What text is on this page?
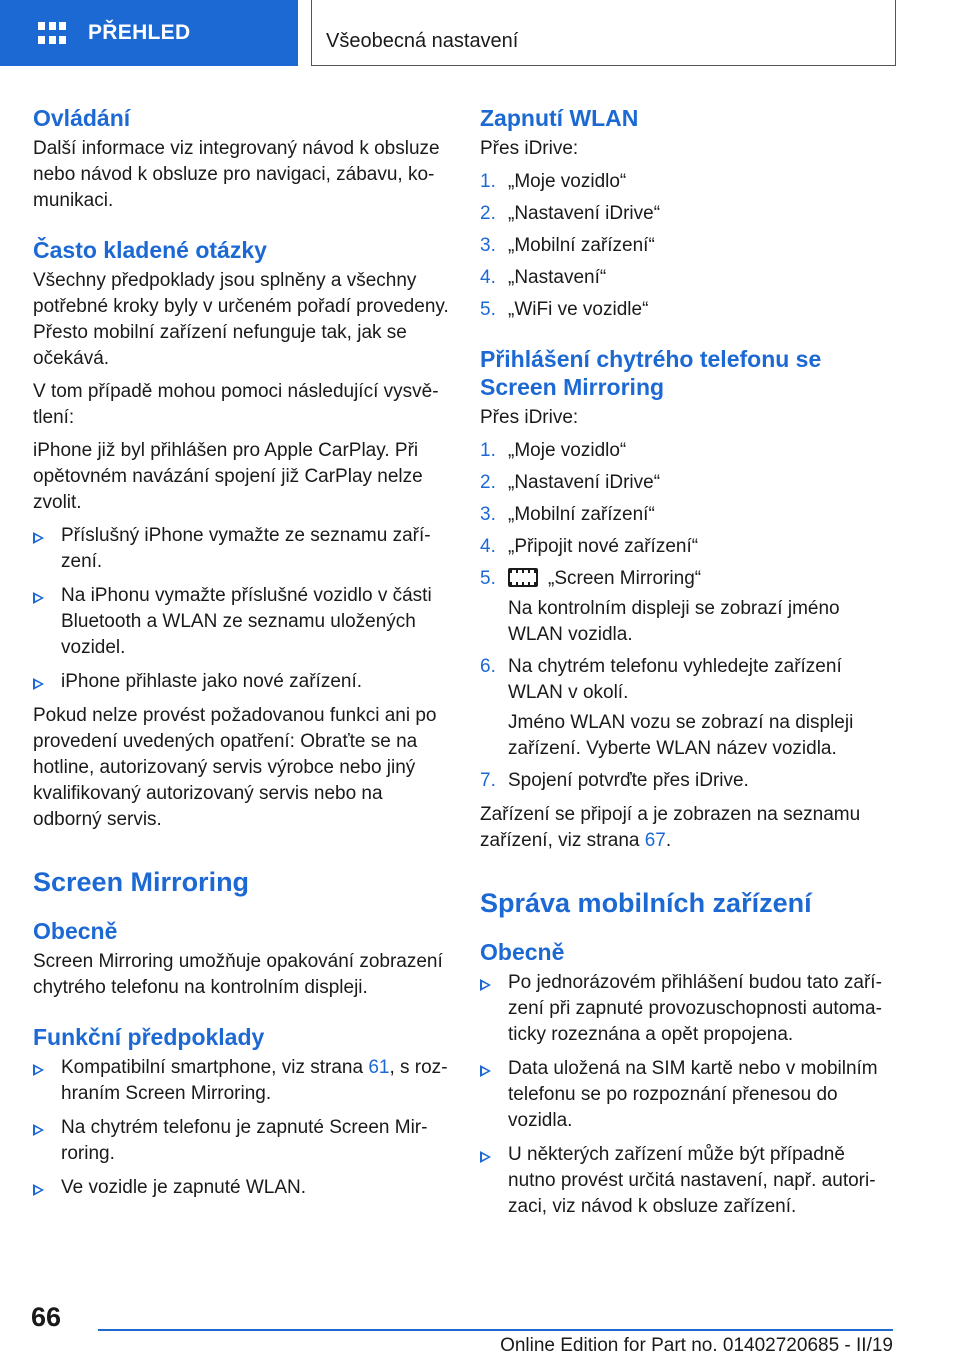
PŘEHLED	Všeobecná nastavení
Ovládání

Další informace viz integrovaný návod k obsluze nebo návod k obsluze pro navigaci, zábavu, komunikaci.

Často kladené otázky

Všechny předpoklady jsou splněny a všechny potřebné kroky byly v určeném pořadí provedeny. Přesto mobilní zařízení nefunguje tak, jak se očekává.

V tom případě mohou pomoci následující vysvětlení:

iPhone již byl přihlášen pro Apple CarPlay. Při opětovném navázání spojení již CarPlay nelze zvolit.

Příslušný iPhone vymažte ze seznamu zařízení.
Na iPhonu vymažte příslušné vozidlo v části Bluetooth a WLAN ze seznamu uložených vozidel.
iPhone přihlaste jako nové zařízení.

Pokud nelze provést požadovanou funkci ani po provedení uvedených opatření: Obraťte se na hotline, autorizovaný servis výrobce nebo jiný kvalifikovaný autorizovaný servis nebo na odborný servis.

Screen Mirroring
Obecně

Screen Mirroring umožňuje opakování zobrazení chytrého telefonu na kontrolním displeji.

Funkční předpoklady
Kompatibilní smartphone, viz strana 61, s rozhraním Screen Mirroring.
Na chytrém telefonu je zapnuté Screen Mirroring.
Ve vozidle je zapnuté WLAN.
Zapnutí WLAN

Přes iDrive:

1. „Moje vozidlo“
2. „Nastavení iDrive“
3. „Mobilní zařízení“
4. „Nastavení“
5. „WiFi ve vozidle“
Přihlášení chytrého telefonu se Screen Mirroring

Přes iDrive:

1. „Moje vozidlo“
2. „Nastavení iDrive“
3. „Mobilní zařízení“
4. „Připojit nové zařízení“
5.	„Screen Mirroring“
Na kontrolním displeji se zobrazí jméno WLAN vozidla.
6. Na chytrém telefonu vyhledejte zařízení WLAN v okolí.
Jméno WLAN vozu se zobrazí na displeji zařízení. Vyberte WLAN název vozidla.
7. Spojení potvrďte přes iDrive.

Zařízení se připojí a je zobrazen na seznamu zařízení, viz strana 67.

Správa mobilních zařízení
Obecně
Po jednorázovém přihlášení budou tato zařízení při zapnuté provozuschopnosti automaticky rozeznána a opět propojena.
Data uložená na SIM kartě nebo v mobilním telefonu se po rozpoznání přenesou do vozidla.
U některých zařízení může být případně nutno provést určitá nastavení, např. autorizaci, viz návod k obsluze zařízení.
66
Online Edition for Part no. 01402720685 - II/19
